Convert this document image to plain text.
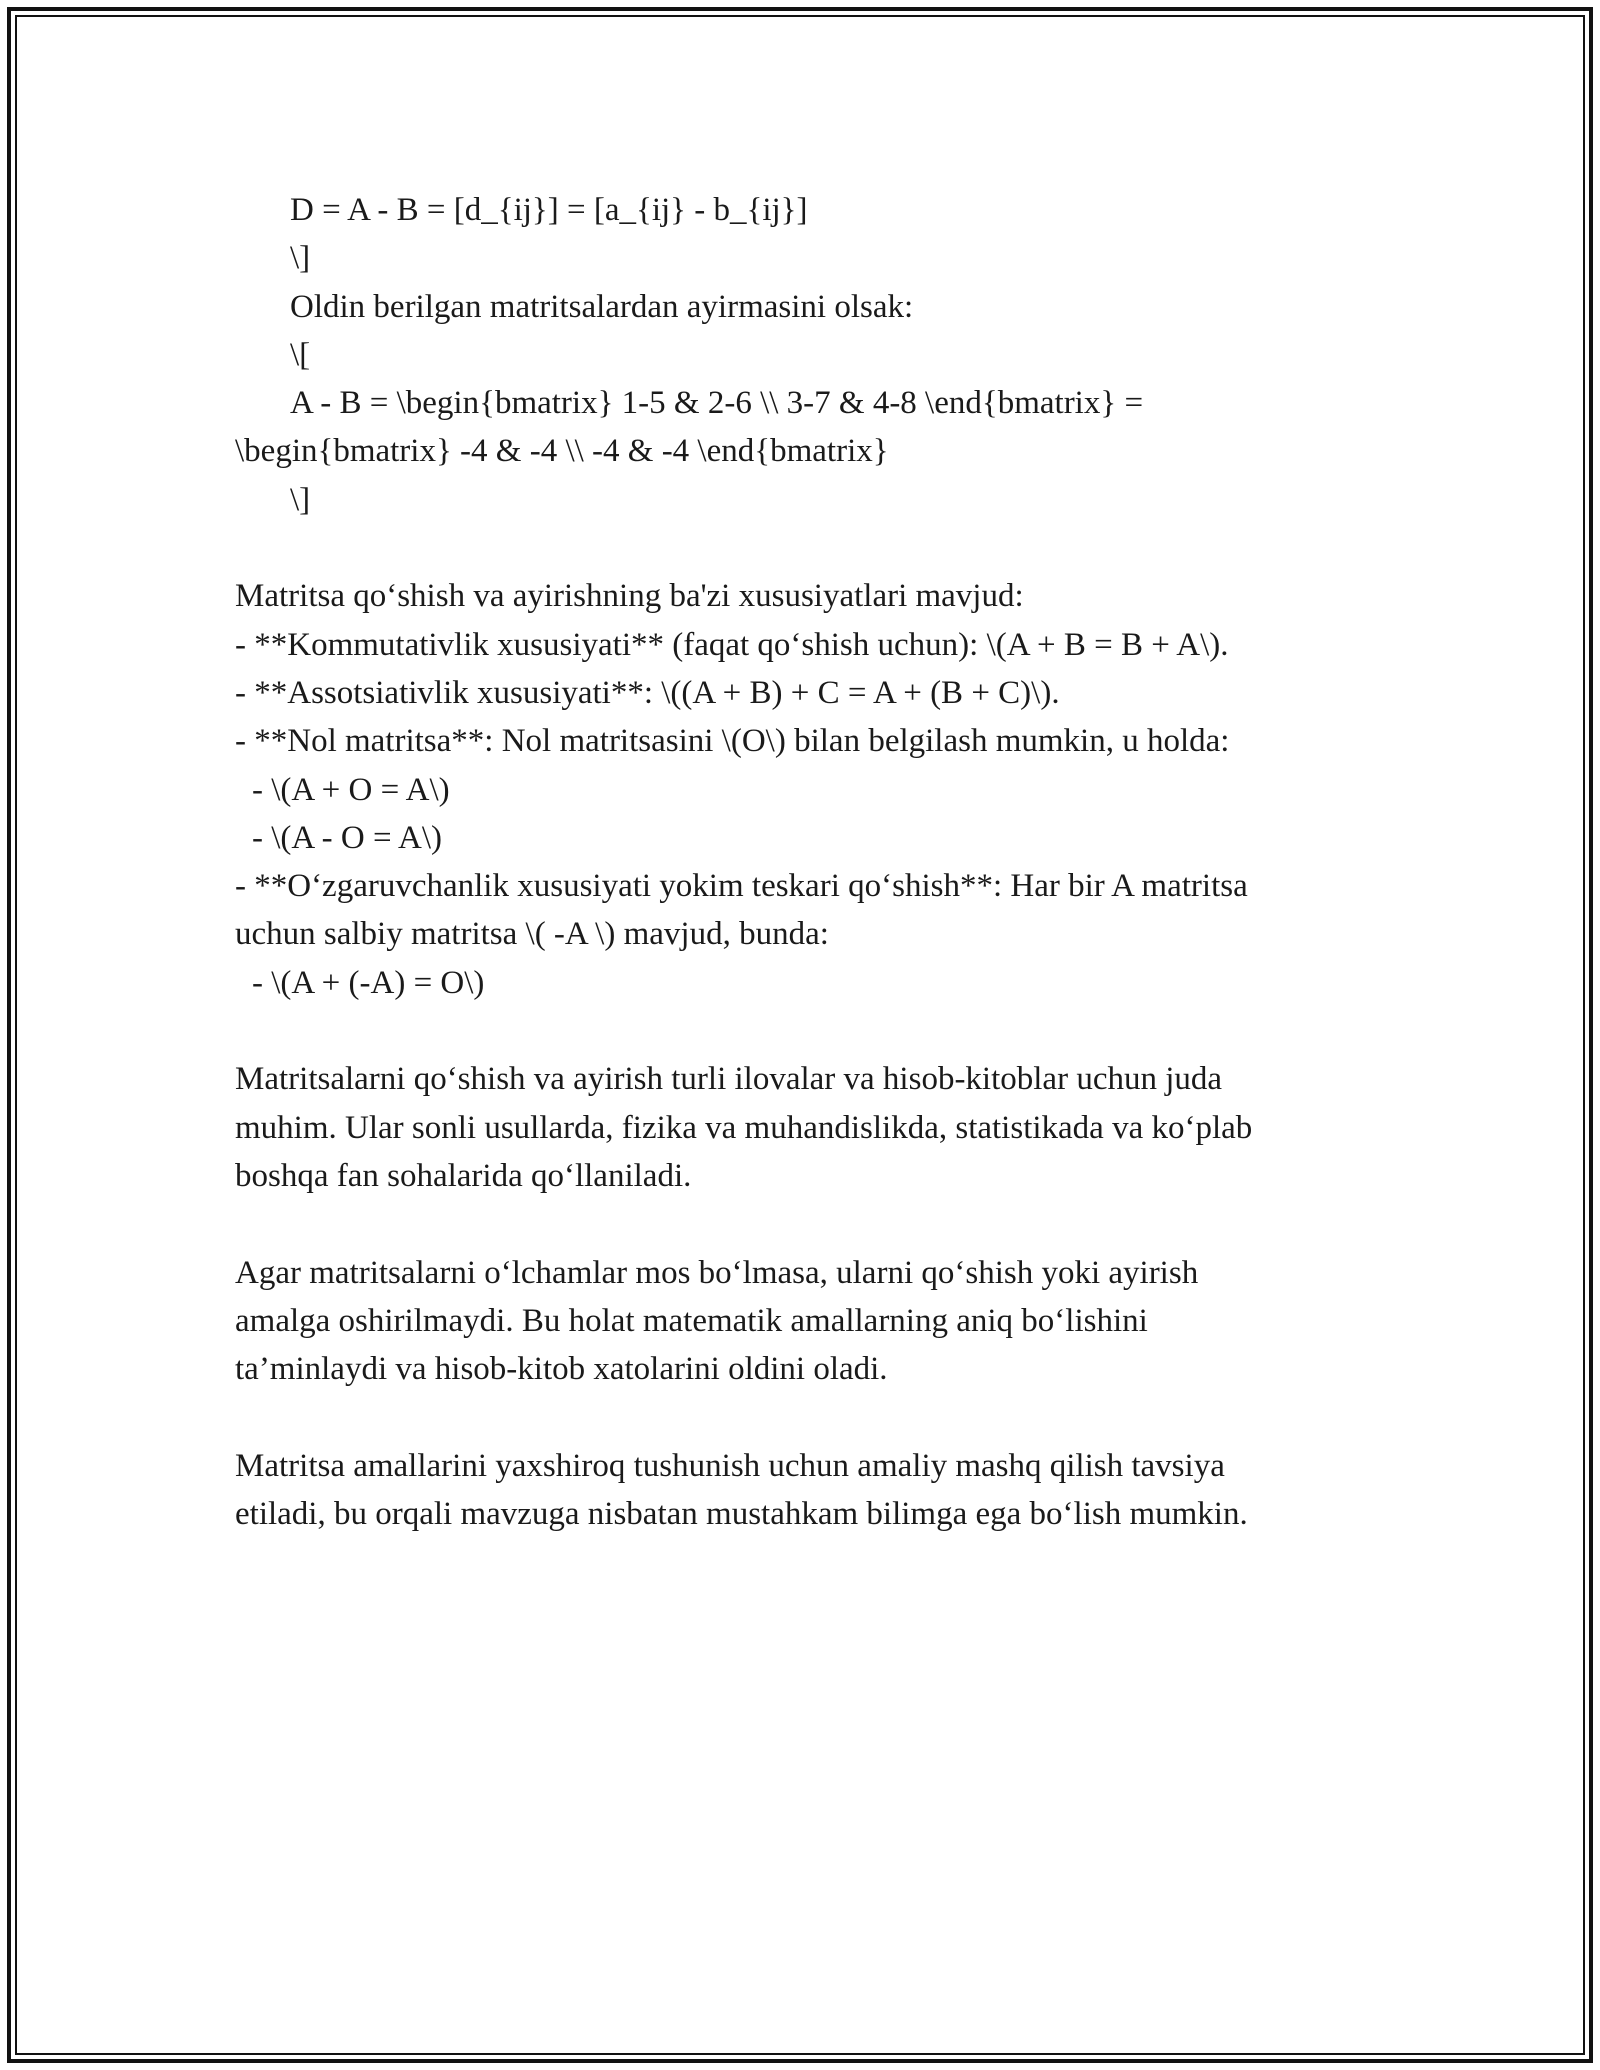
D = A - B = [d_{ij}] = [a_{ij} - b_{ij}]
\]
Oldin berilgan matritsalardan ayirmasini olsak:
\[
A - B = \begin{bmatrix} 1-5 & 2-6 \\ 3-7 & 4-8 \end{bmatrix} =
\begin{bmatrix} -4 & -4 \\ -4 & -4 \end{bmatrix}
\]
Matritsa qo‘shish va ayirishning ba'zi xususiyatlari mavjud:
- **Kommutativlik xususiyati** (faqat qo‘shish uchun): \(A + B = B + A\).
- **Assotsiativlik xususiyati**: \((A + B) + C = A + (B + C)\).
- **Nol matritsa**: Nol matritsasini \(O\) bilan belgilash mumkin, u holda:
- \(A + O = A\)
- \(A - O = A\)
- **O‘zgaruvchanlik xususiyati yokim teskari qo‘shish**: Har bir A matritsa
uchun salbiy matritsa \( -A \) mavjud, bunda:
- \(A + (-A) = O\)
Matritsalarni qo‘shish va ayirish turli ilovalar va hisob-kitoblar uchun juda
muhim. Ular sonli usullarda, fizika va muhandislikda, statistikada va ko‘plab
boshqa fan sohalarida qo‘llaniladi.
Agar matritsalarni o‘lchamlar mos bo‘lmasa, ularni qo‘shish yoki ayirish
amalga oshirilmaydi. Bu holat matematik amallarning aniq bo‘lishini
ta’minlaydi va hisob-kitob xatolarini oldini oladi.
Matritsa amallarini yaxshiroq tushunish uchun amaliy mashq qilish tavsiya
etiladi, bu orqali mavzuga nisbatan mustahkam bilimga ega bo‘lish mumkin.
